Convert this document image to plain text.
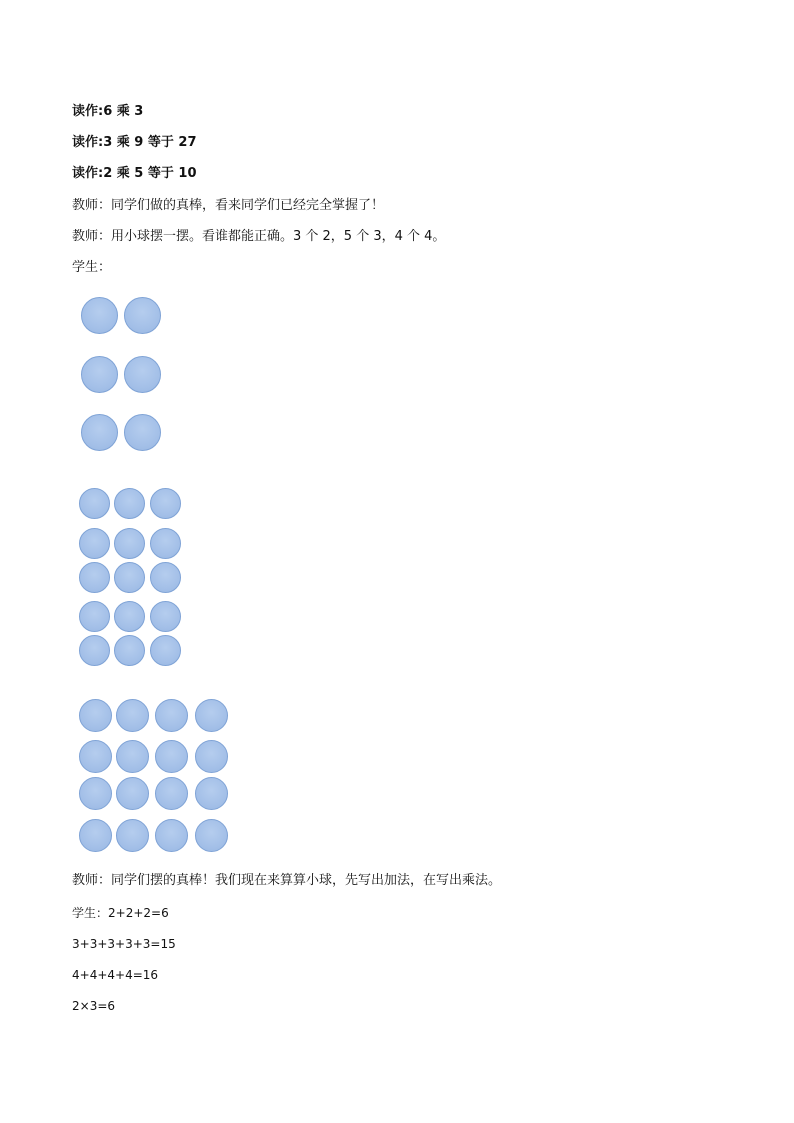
读作:6 乘 3
读作:3 乘 9 等于 27
读作:2 乘 5 等于 10
教师：同学们做的真棒，看来同学们已经完全掌握了！
教师：用小球摆一摆。看谁都能正确。3 个 2，5 个 3，4 个 4。
学生：
教师：同学们摆的真棒！我们现在来算算小球，先写出加法，在写出乘法。
学生：2+2+2=6
3+3+3+3+3=15
4+4+4+4=16
2×3=6
